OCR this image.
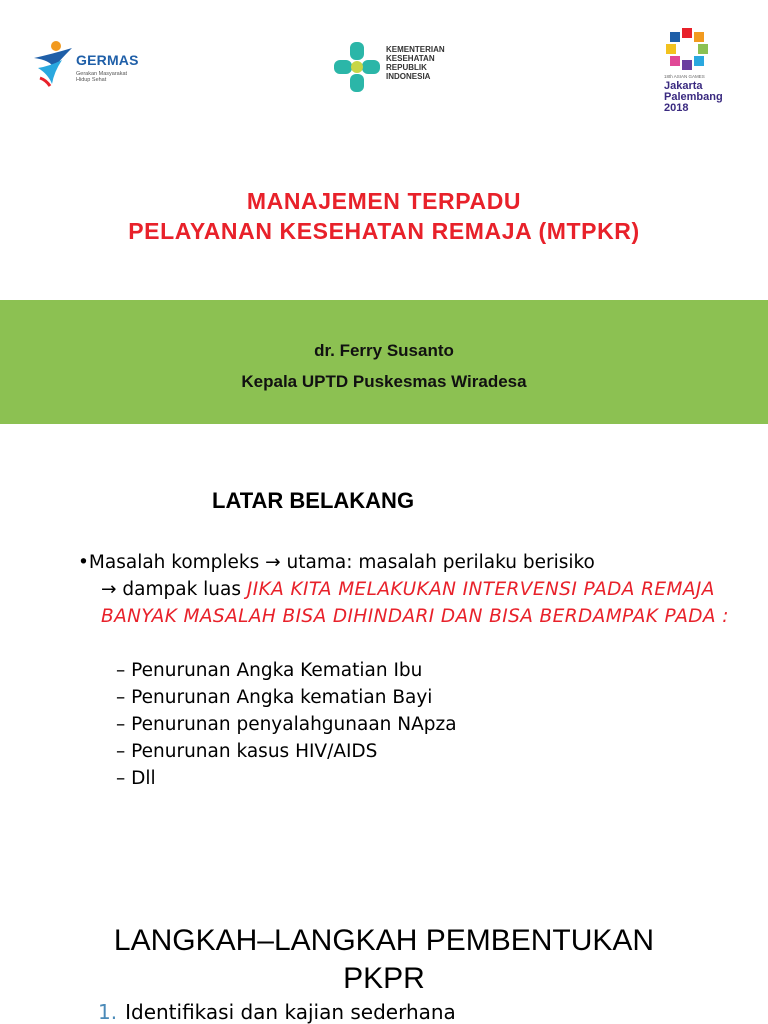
GERMAS
Gerakan Masyarakat Hidup Sehat
KEMENTERIAN
KESEHATAN
REPUBLIK
INDONESIA	18th ASIAN GAMES
Jakarta
Palembang
2018
MANAJEMEN TERPADU
PELAYANAN KESEHATAN REMAJA (MTPKR)
dr. Ferry Susanto
Kepala UPTD Puskesmas Wiradesa
LATAR BELAKANG
•Masalah kompleks → utama: masalah perilaku berisiko
→ dampak luas JIKA KITA MELAKUKAN INTERVENSI PADA REMAJA BANYAK MASALAH BISA DIHINDARI DAN BISA BERDAMPAK PADA :
– Penurunan Angka Kematian Ibu
– Penurunan Angka kematian Bayi
– Penurunan penyalahgunaan NApza
– Penurunan kasus HIV/AIDS
– Dll
LANGKAH–LANGKAH PEMBENTUKAN
PKPR
1. Identifikasi dan kajian sederhana
